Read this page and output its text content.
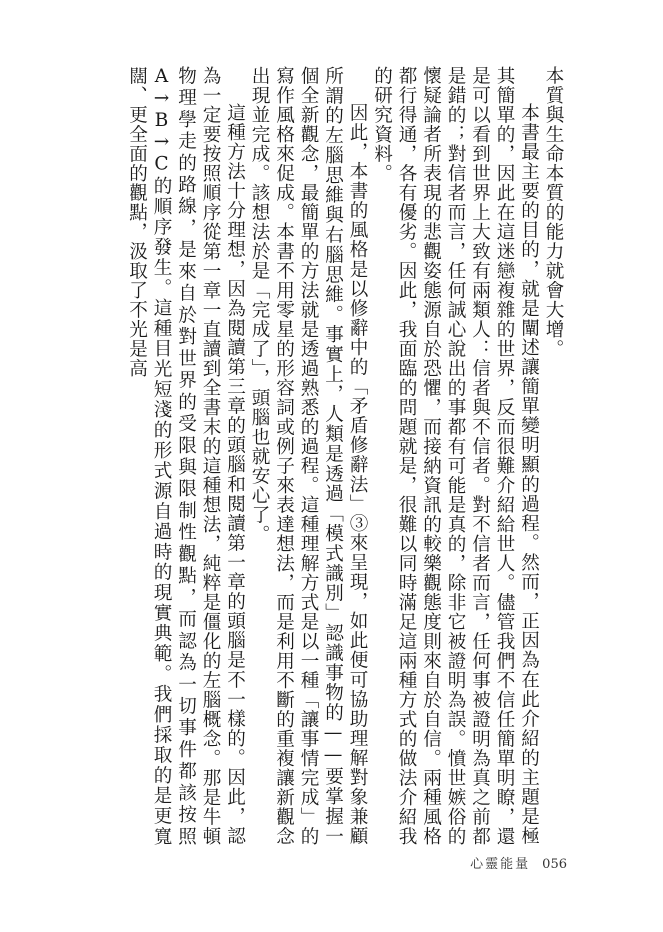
本質與生命本質的能力就會大增。

本書最主要的目的，就是闡述讓簡單變明顯的過程。然而，正因為在此介紹的主題是極其簡單的，因此在這迷戀複雜的世界，反而很難介紹給世人。儘管我們不信任簡單明瞭，還是可以看到世界上大致有兩類人：信者與不信者。對不信者而言，任何事被證明為真之前都是錯的；對信者而言，任何誠心說出的事都有可能是真的，除非它被證明為誤。憤世嫉俗的懷疑論者所表現的悲觀姿態源自於恐懼，而接納資訊的較樂觀態度則來自於自信。兩種風格都行得通，各有優劣。因此，我面臨的問題就是，很難以同時滿足這兩種方式的做法介紹我的研究資料。

因此，本書的風格是以修辭中的「矛盾修辭法」③來呈現，如此便可協助理解對象兼顧所謂的左腦思維與右腦思維。事實上，人類是透過「模式識別」認識事物的——要掌握一個全新觀念，最簡單的方法就是透過熟悉的過程。這種理解方式是以一種「讓事情完成」的寫作風格來促成。本書不用零星的形容詞或例子來表達想法，而是利用不斷的重複讓新觀念出現並完成。該想法於是「完成了」，頭腦也就安心了。

這種方法十分理想，因為閱讀第三章的頭腦和閱讀第一章的頭腦是不一樣的。因此，認為一定要按照順序從第一章一直讀到全書末的這種想法，純粹是僵化的左腦概念。那是牛頓物理學走的路線，是來自於對世界的受限與限制性觀點，而認為一切事件都該按照A→B→C的順序發生。這種目光短淺的形式源自過時的現實典範。我們採取的是更寬闊、更全面的觀點，汲取了不光是高

心靈能量 056
